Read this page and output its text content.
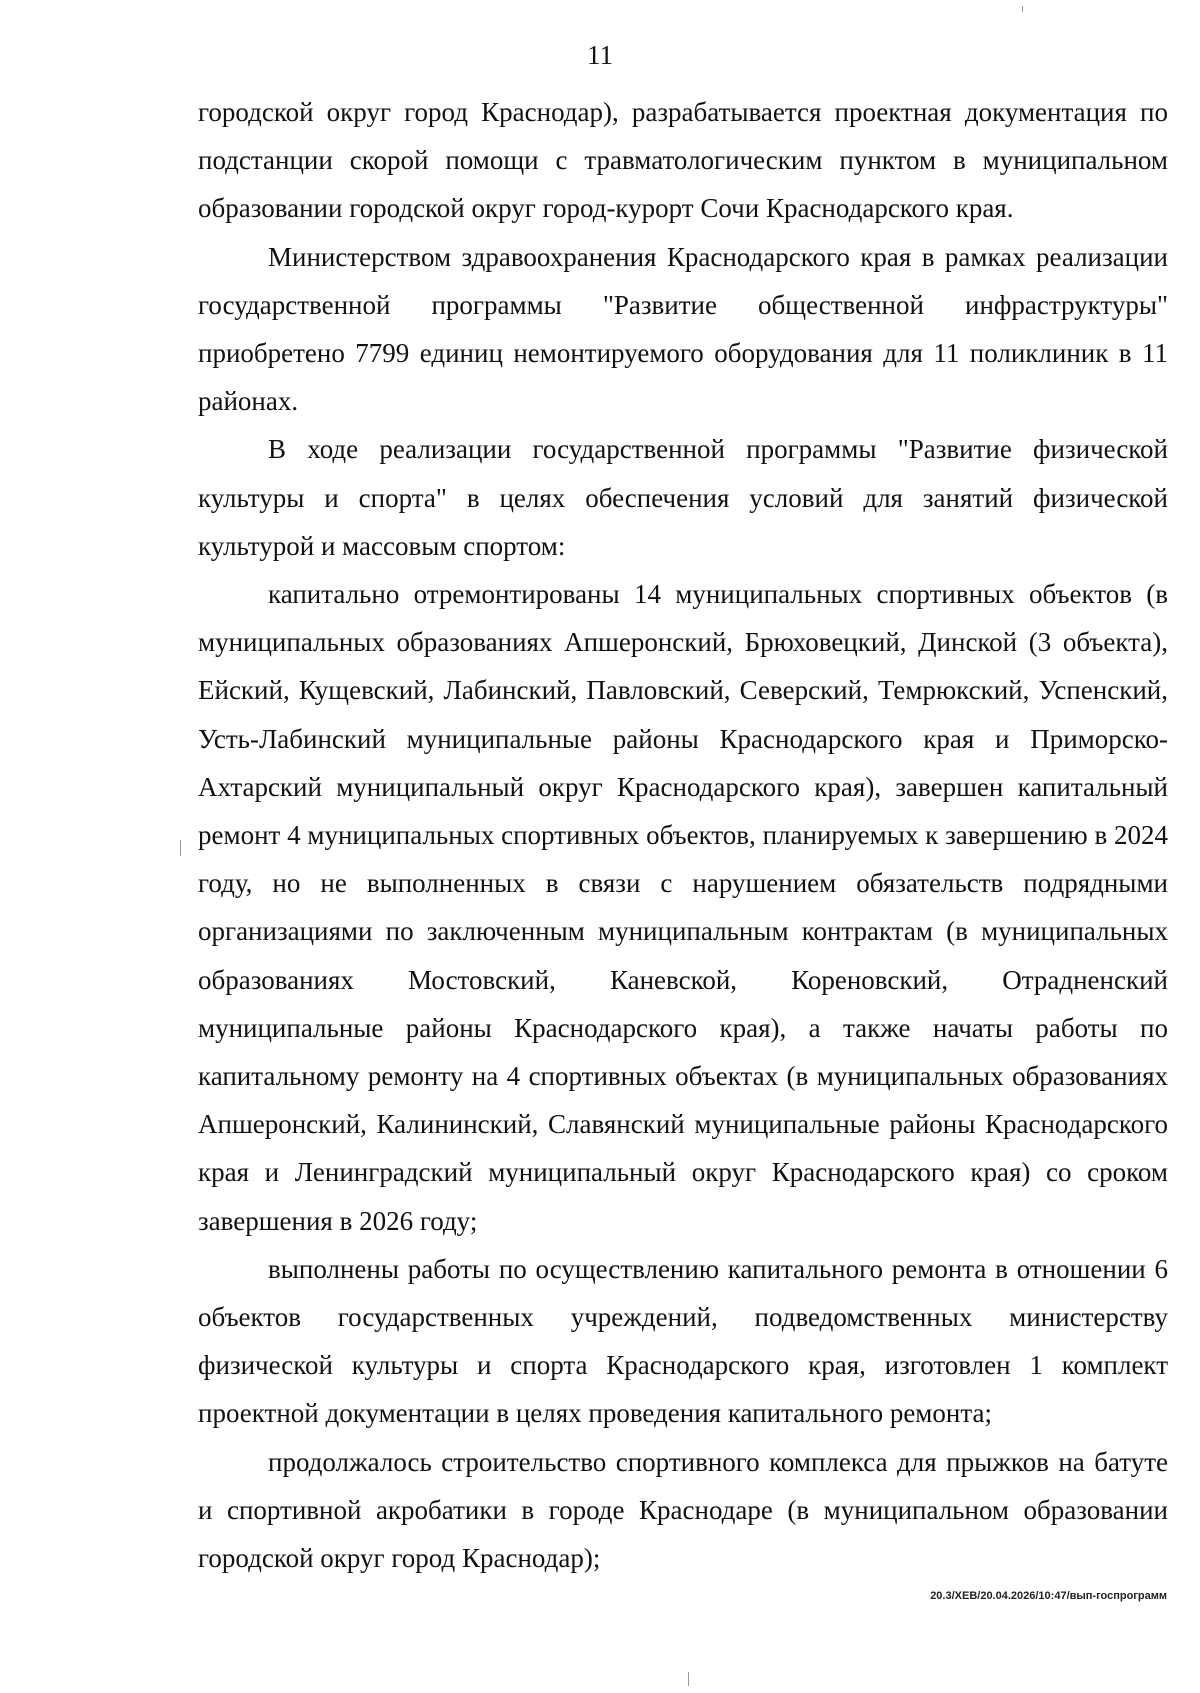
11

городской округ город Краснодар), разрабатывается проектная документация по подстанции скорой помощи с травматологическим пунктом в муниципальном образовании городской округ город-курорт Сочи Краснодарского края.

Министерством здравоохранения Краснодарского края в рамках реализации государственной программы "Развитие общественной инфраструктуры" приобретено 7799 единиц немонтируемого оборудования для 11 поликлиник в 11 районах.

В ходе реализации государственной программы "Развитие физической культуры и спорта" в целях обеспечения условий для занятий физической культурой и массовым спортом:

капитально отремонтированы 14 муниципальных спортивных объектов (в муниципальных образованиях Апшеронский, Брюховецкий, Динской (3 объекта), Ейский, Кущевский, Лабинский, Павловский, Северский, Темрюкский, Успенский, Усть-Лабинский муниципальные районы Краснодарского края и Приморско-Ахтарский муниципальный округ Краснодарского края), завершен капитальный ремонт 4 муниципальных спортивных объектов, планируемых к завершению в 2024 году, но не выполненных в связи с нарушением обязательств подрядными организациями по заключенным муниципальным контрактам (в муниципальных образованиях Мостовский, Каневской, Кореновский, Отрадненский муниципальные районы Краснодарского края), а также начаты работы по капитальному ремонту на 4 спортивных объектах (в муниципальных образованиях Апшеронский, Калининский, Славянский муниципальные районы Краснодарского края и Ленинградский муниципальный округ Краснодарского края) со сроком завершения в 2026 году;

выполнены работы по осуществлению капитального ремонта в отношении 6 объектов государственных учреждений, подведомственных министерству физической культуры и спорта Краснодарского края, изготовлен 1 комплект проектной документации в целях проведения капитального ремонта;

продолжалось строительство спортивного комплекса для прыжков на батуте и спортивной акробатики в городе Краснодаре (в муниципальном образовании городской округ город Краснодар);

20.3/ХЕВ/20.04.2026/10:47/вып-госпрограмм
